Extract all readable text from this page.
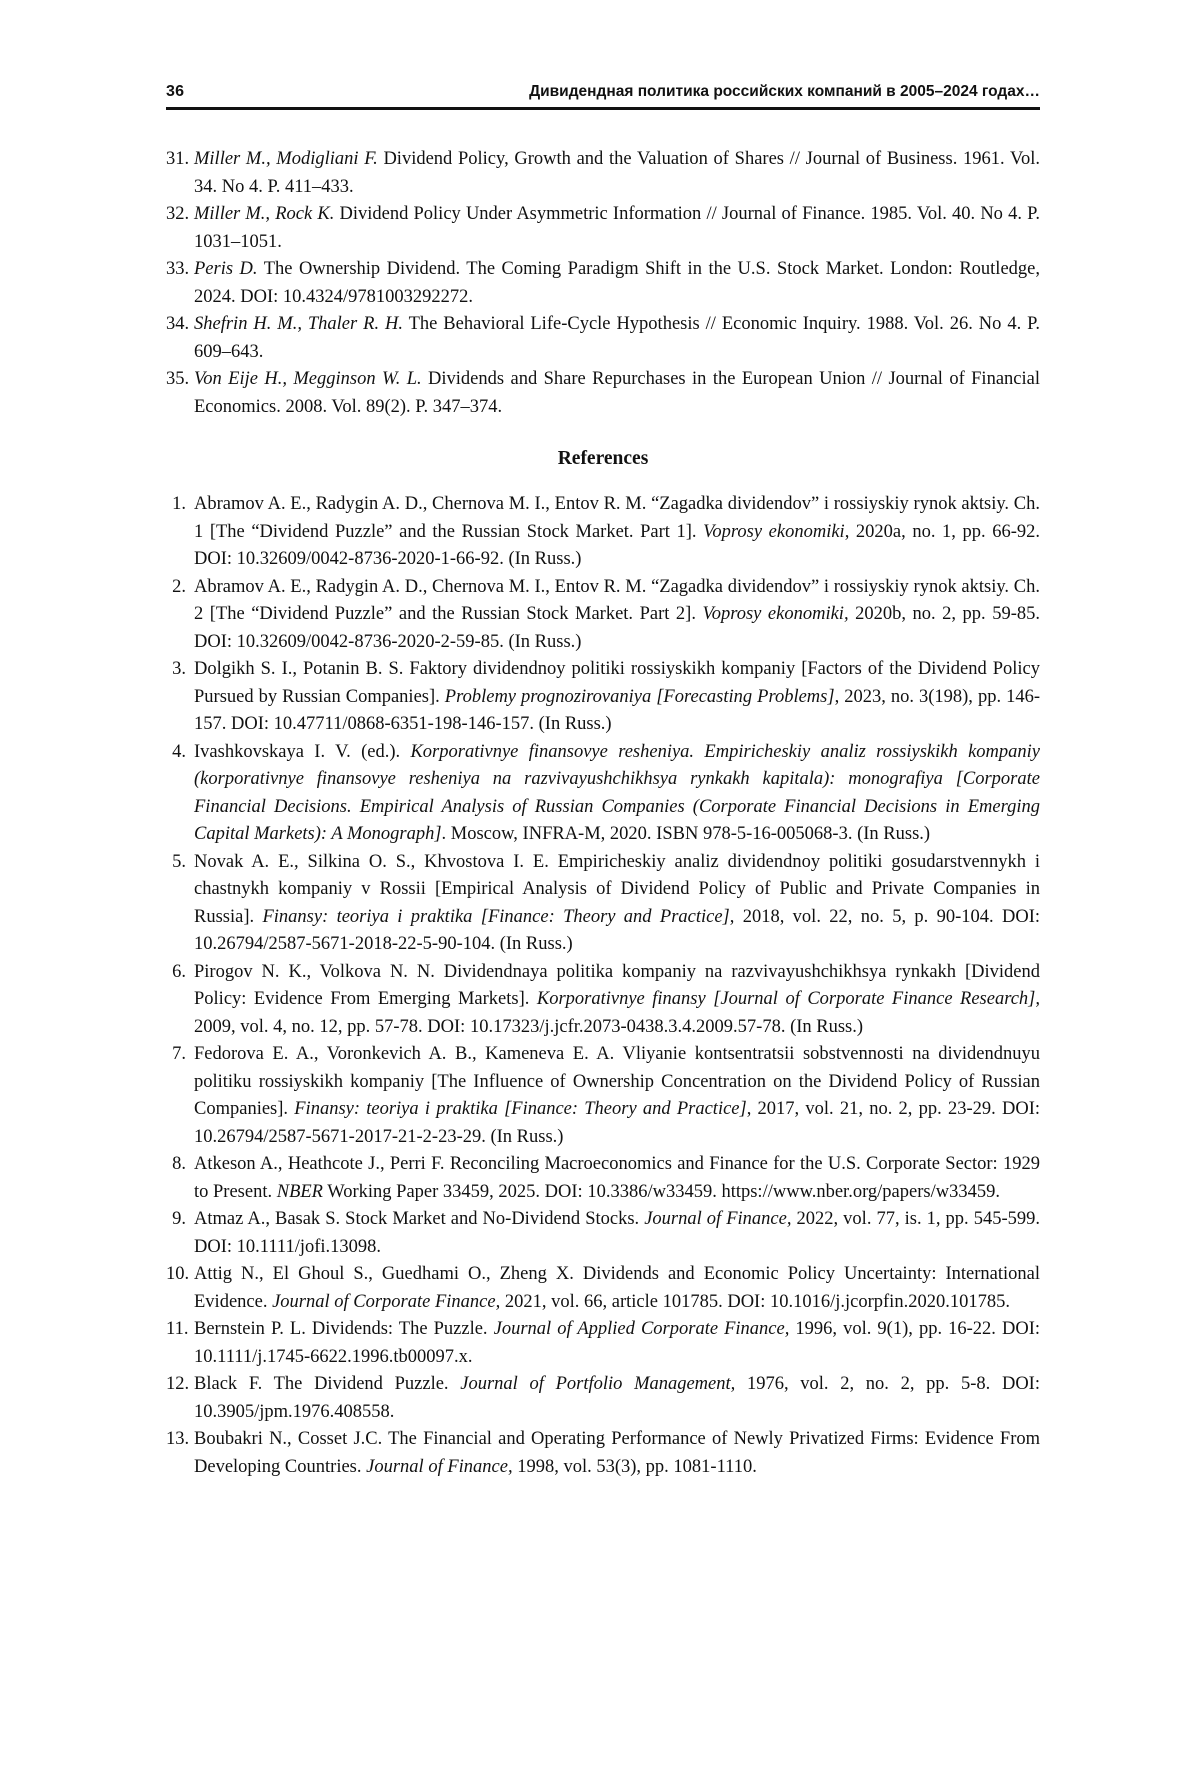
36	Дивидендная политика российских компаний в 2005–2024 годах…
31. Miller M., Modigliani F. Dividend Policy, Growth and the Valuation of Shares // Journal of Business. 1961. Vol. 34. No 4. P. 411–433.
32. Miller M., Rock K. Dividend Policy Under Asymmetric Information // Journal of Finance. 1985. Vol. 40. No 4. P. 1031–1051.
33. Peris D. The Ownership Dividend. The Coming Paradigm Shift in the U.S. Stock Market. London: Routledge, 2024. DOI: 10.4324/9781003292272.
34. Shefrin H. M., Thaler R. H. The Behavioral Life-Cycle Hypothesis // Economic Inquiry. 1988. Vol. 26. No 4. P. 609–643.
35. Von Eije H., Megginson W. L. Dividends and Share Repurchases in the European Union // Journal of Financial Economics. 2008. Vol. 89(2). P. 347–374.
References
1. Abramov A. E., Radygin A. D., Chernova M. I., Entov R. M. “Zagadka dividendov” i rossiyskiy rynok aktsiy. Ch. 1 [The “Dividend Puzzle” and the Russian Stock Market. Part 1]. Voprosy ekonomiki, 2020a, no. 1, pp. 66-92. DOI: 10.32609/0042-8736-2020-1-66-92. (In Russ.)
2. Abramov A. E., Radygin A. D., Chernova M. I., Entov R. M. “Zagadka dividendov” i rossiyskiy rynok aktsiy. Ch. 2 [The “Dividend Puzzle” and the Russian Stock Market. Part 2]. Voprosy ekonomiki, 2020b, no. 2, pp. 59-85. DOI: 10.32609/0042-8736-2020-2-59-85. (In Russ.)
3. Dolgikh S. I., Potanin B. S. Faktory dividendnoy politiki rossiyskikh kompaniy [Factors of the Dividend Policy Pursued by Russian Companies]. Problemy prognozirovaniya [Forecasting Problems], 2023, no. 3(198), pp. 146-157. DOI: 10.47711/0868-6351-198-146-157. (In Russ.)
4. Ivashkovskaya I. V. (ed.). Korporativnye finansovye resheniya. Empiricheskiy analiz rossiyskikh kompaniy (korporativnye finansovye resheniya na razvivayushchikhsya rynkakh kapitala): monografiya [Corporate Financial Decisions. Empirical Analysis of Russian Companies (Corporate Financial Decisions in Emerging Capital Markets): A Monograph]. Moscow, INFRA-M, 2020. ISBN 978-5-16-005068-3. (In Russ.)
5. Novak A. E., Silkina O. S., Khvostova I. E. Empiricheskiy analiz dividendnoy politiki gosudarstvennykh i chastnykh kompaniy v Rossii [Empirical Analysis of Dividend Policy of Public and Private Companies in Russia]. Finansy: teoriya i praktika [Finance: Theory and Practice], 2018, vol. 22, no. 5, p. 90-104. DOI: 10.26794/2587-5671-2018-22-5-90-104. (In Russ.)
6. Pirogov N. K., Volkova N. N. Dividendnaya politika kompaniy na razvivayushchikhsya rynkakh [Dividend Policy: Evidence From Emerging Markets]. Korporativnye finansy [Journal of Corporate Finance Research], 2009, vol. 4, no. 12, pp. 57-78. DOI: 10.17323/j.jcfr.2073-0438.3.4.2009.57-78. (In Russ.)
7. Fedorova E. A., Voronkevich A. B., Kameneva E. A. Vliyanie kontsentratsii sobstvennosti na dividendnuyu politiku rossiyskikh kompaniy [The Influence of Ownership Concentration on the Dividend Policy of Russian Companies]. Finansy: teoriya i praktika [Finance: Theory and Practice], 2017, vol. 21, no. 2, pp. 23-29. DOI: 10.26794/2587-5671-2017-21-2-23-29. (In Russ.)
8. Atkeson A., Heathcote J., Perri F. Reconciling Macroeconomics and Finance for the U.S. Corporate Sector: 1929 to Present. NBER Working Paper 33459, 2025. DOI: 10.3386/w33459. https://www.nber.org/papers/w33459.
9. Atmaz A., Basak S. Stock Market and No-Dividend Stocks. Journal of Finance, 2022, vol. 77, is. 1, pp. 545-599. DOI: 10.1111/jofi.13098.
10. Attig N., El Ghoul S., Guedhami O., Zheng X. Dividends and Economic Policy Uncertainty: International Evidence. Journal of Corporate Finance, 2021, vol. 66, article 101785. DOI: 10.1016/j.jcorpfin.2020.101785.
11. Bernstein P. L. Dividends: The Puzzle. Journal of Applied Corporate Finance, 1996, vol. 9(1), pp. 16-22. DOI: 10.1111/j.1745-6622.1996.tb00097.x.
12. Black F. The Dividend Puzzle. Journal of Portfolio Management, 1976, vol. 2, no. 2, pp. 5-8. DOI: 10.3905/jpm.1976.408558.
13. Boubakri N., Cosset J.C. The Financial and Operating Performance of Newly Privatized Firms: Evidence From Developing Countries. Journal of Finance, 1998, vol. 53(3), pp. 1081-1110.
